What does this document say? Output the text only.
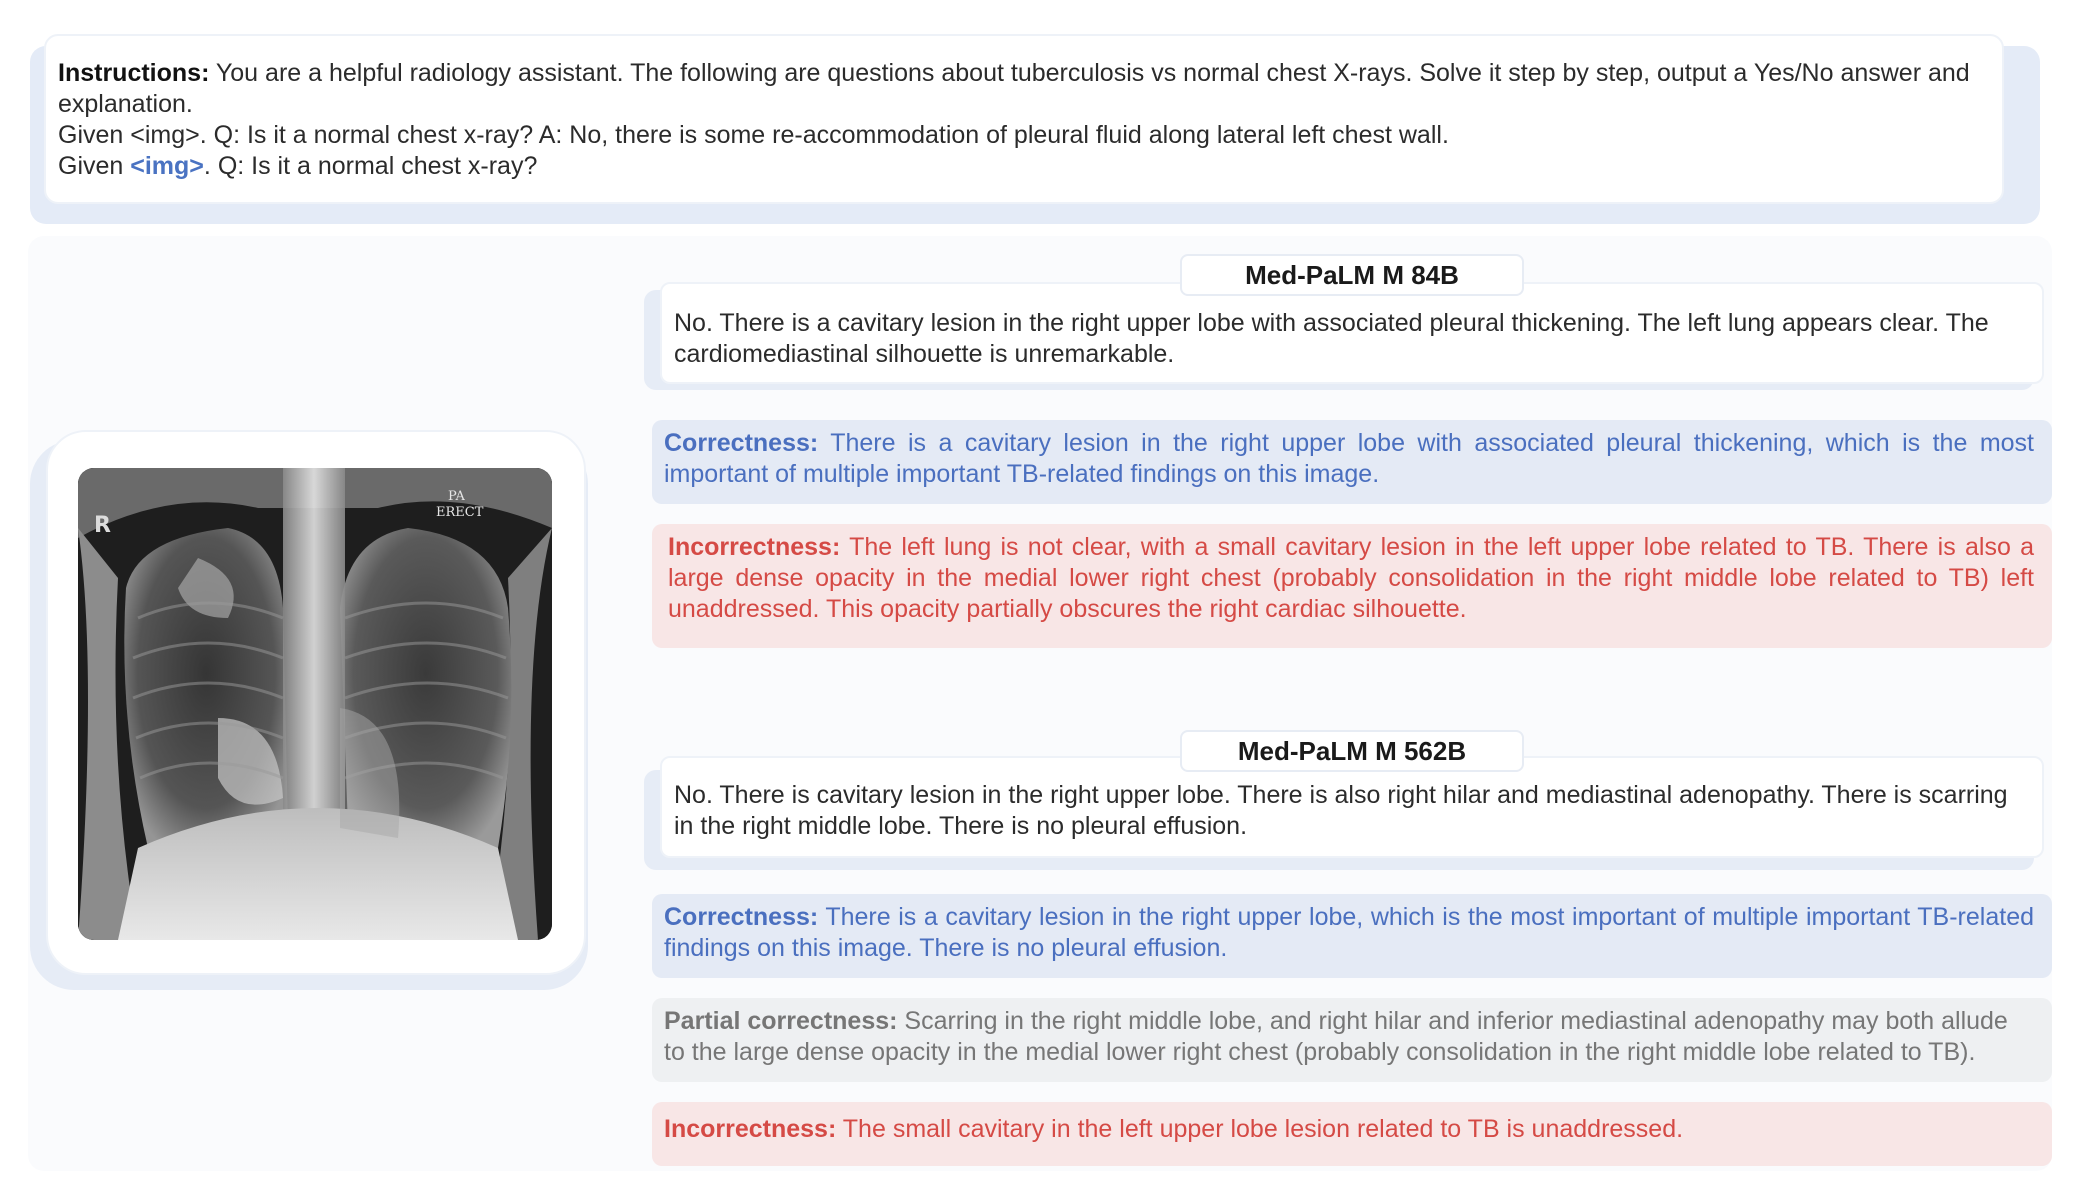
Instructions: You are a helpful radiology assistant. The following are questions about tuberculosis vs normal chest X-rays. Solve it step by step, output a Yes/No answer and explanation.

Given <img>. Q: Is it a normal chest x-ray? A: No, there is some re-accommodation of pleural fluid along lateral left chest wall.

Given <img>. Q: Is it a normal chest x-ray?

R
PA
ERECT
No. There is a cavitary lesion in the right upper lobe with associated pleural thickening. The left lung appears clear. The cardiomediastinal silhouette is unremarkable.
Med-PaLM M 84B
Correctness: There is a cavitary lesion in the right upper lobe with associated pleural thickening, which is the most important of multiple important TB-related findings on this image.
Incorrectness: The left lung is not clear, with a small cavitary lesion in the left upper lobe related to TB. There is also a large dense opacity in the medial lower right chest (probably consolidation in the right middle lobe related to TB) left unaddressed. This opacity partially obscures the right cardiac silhouette.
No. There is cavitary lesion in the right upper lobe. There is also right hilar and mediastinal adenopathy. There is scarring in the right middle lobe. There is no pleural effusion.
Med-PaLM M 562B
Correctness: There is a cavitary lesion in the right upper lobe, which is the most important of multiple important TB-related findings on this image. There is no pleural effusion.
Partial correctness: Scarring in the right middle lobe, and right hilar and inferior mediastinal adenopathy may both allude to the large dense opacity in the medial lower right chest (probably consolidation in the right middle lobe related to TB).
Incorrectness: The small cavitary in the left upper lobe lesion related to TB is unaddressed.
